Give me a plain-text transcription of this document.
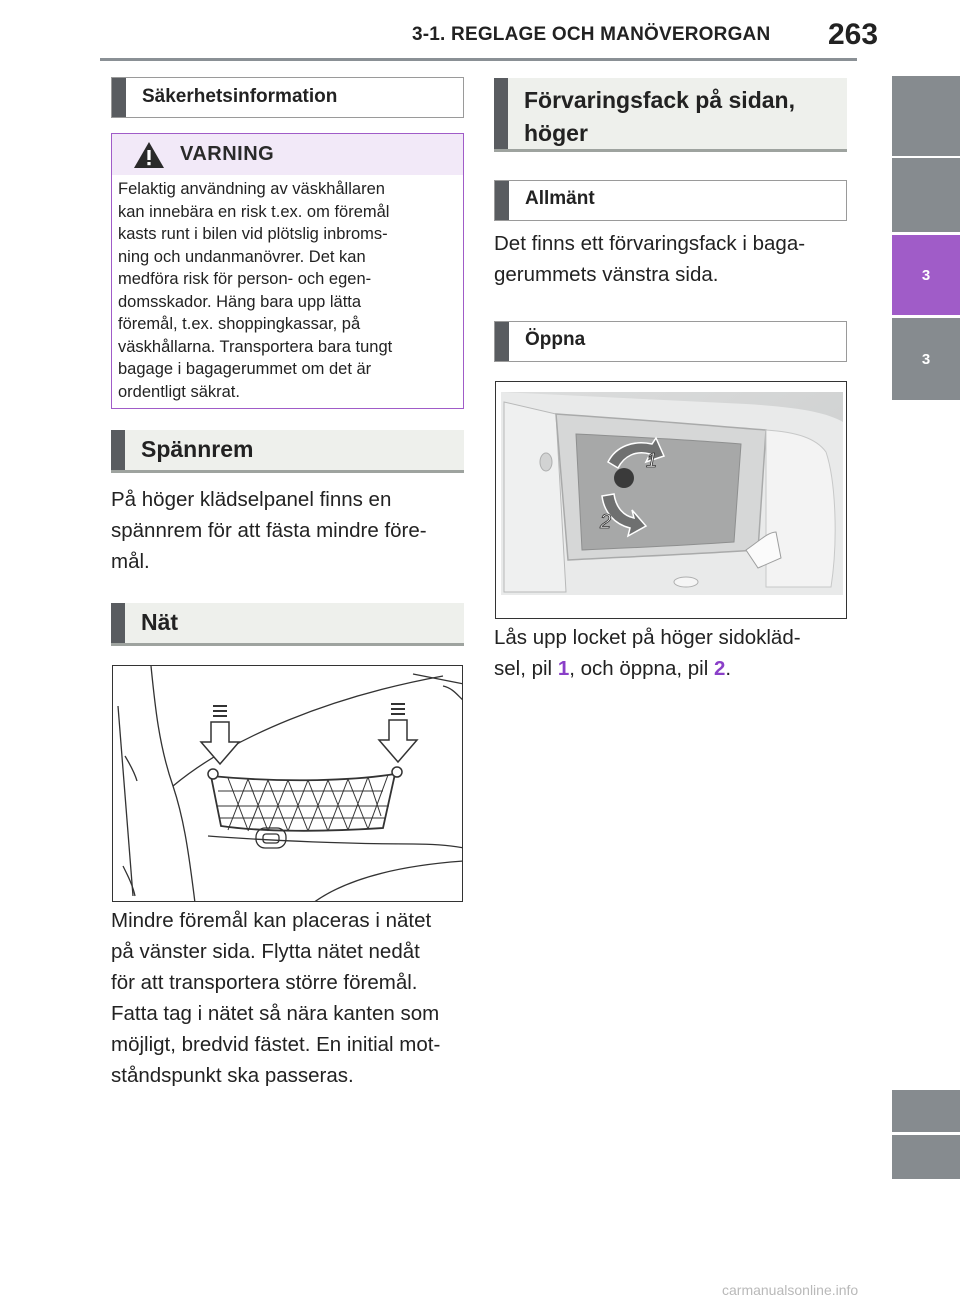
3-1. REGLAGE OCH MANÖVERORGAN 263
3
3
Säkerhetsinformation
VARNING
Felaktig användning av väskhållaren
kan innebära en risk t.ex. om föremål
kasts runt i bilen vid plötslig inbroms-
ning och undanmanövrer. Det kan
medföra risk för person- och egen-
domsskador. Häng bara upp lätta
föremål, t.ex. shoppingkassar, på
väskhållarna. Transportera bara tungt
bagage i bagagerummet om det är
ordentligt säkrat.
Spännrem
På höger klädselpanel finns en
spännrem för att fästa mindre före-
mål.
Nät
Mindre föremål kan placeras i nätet
på vänster sida. Flytta nätet nedåt
för att transportera större föremål.
Fatta tag i nätet så nära kanten som
möjligt, bredvid fästet. En initial mot-
ståndspunkt ska passeras.
Förvaringsfack på sidan,
höger
Allmänt
Det finns ett förvaringsfack i baga-
gerummets vänstra sida.
Öppna
1
2
Lås upp locket på höger sidokläd-
sel, pil 1, och öppna, pil 2.
carmanualsonline.info
